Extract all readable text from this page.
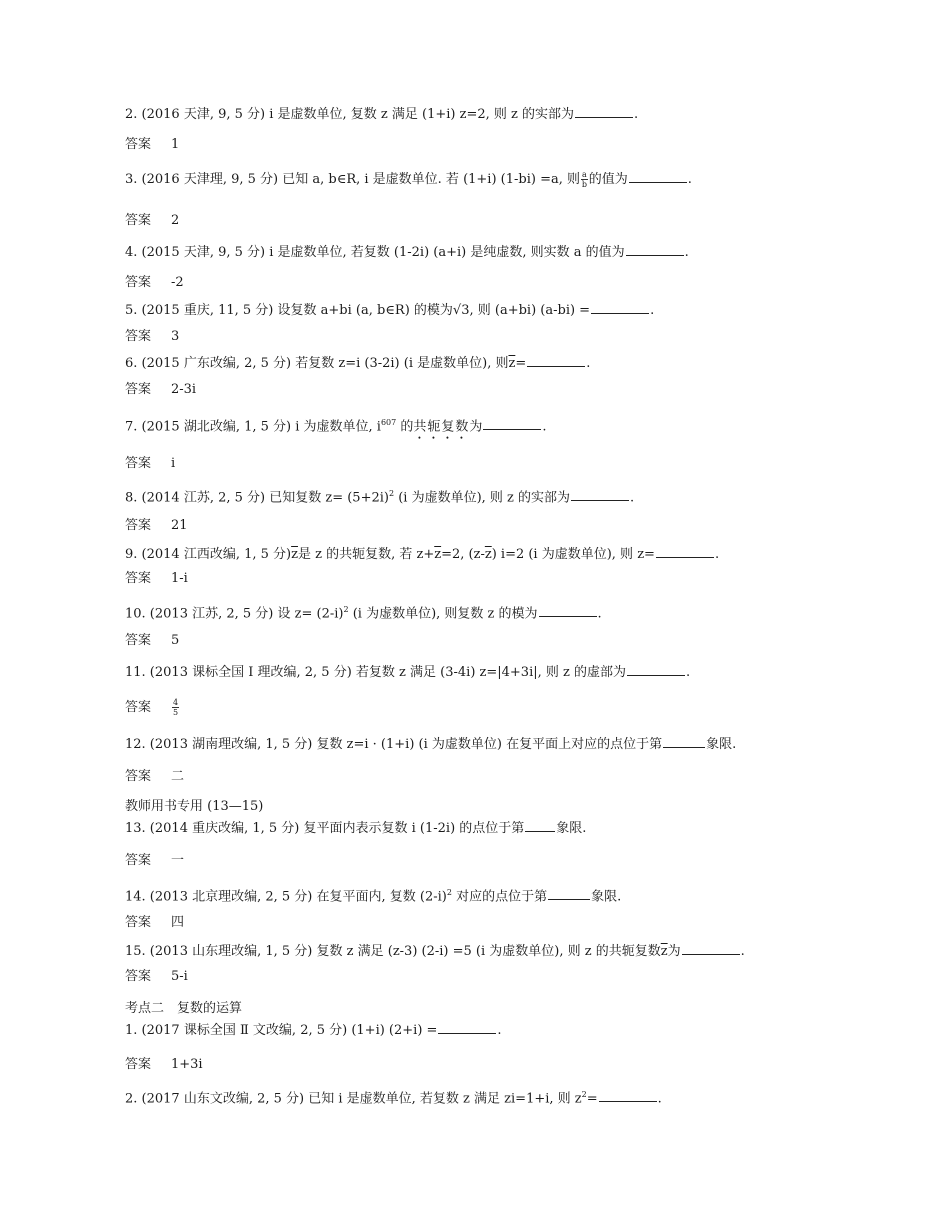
2. (2016 天津, 9, 5 分) i 是虚数单位, 复数 z 满足 (1+i) z=2, 则 z 的实部为	.
答案 1
3. (2016 天津理, 9, 5 分) 已知 a, b∈R, i 是虚数单位. 若 (1+i) (1-bi) =a, 则 $\frac{a}{b}$ 的值为	.
答案 2
4. (2015 天津, 9, 5 分) i 是虚数单位, 若复数 (1-2i) (a+i) 是纯虚数, 则实数 a 的值为	.
答案 -2
5. (2015 重庆, 11, 5 分) 设复数 a+bi (a, b∈R) 的模为√3, 则 (a+bi) (a-bi) =	.
答案 3
6. (2015 广东改编, 2, 5 分) 若复数 z=i (3-2i) (i 是虚数单位), 则$\overline{z}=$	.
答案 2-3i
7. (2015 湖北改编, 1, 5 分) i 为虚数单位, $i^{607}$ 的共轭复数为	.
答案 i
8. (2014 江苏, 2, 5 分) 已知复数 $z= (5+2i)^2$ (i 为虚数单位), 则 z 的实部为	.
答案 21
9. (2014 江西改编, 1, 5 分)$\overline{z}$是 z 的共轭复数, 若 $z+\overline{z}=2$, $(z-\overline{z})$ i=2 (i 为虚数单位), 则 z=	.
答案 1-i
10. (2013 江苏, 2, 5 分) 设 $z= (2-i)^2$ (i 为虚数单位), 则复数 z 的模为	.
答案 5
11. (2013 课标全国 Ⅰ 理改编, 2, 5 分) 若复数 z 满足 (3-4i) z=|4+3i|, 则 z 的虚部为	.
答案	$\frac{4}{5}$
12. (2013 湖南理改编, 1, 5 分) 复数 z=i · (1+i) (i 为虚数单位) 在复平面上对应的点位于第	象限.
答案 二
教师用书专用 (13—15)
13. (2014 重庆改编, 1, 5 分) 复平面内表示复数 i (1-2i) 的点位于第 象限.
答案 一
14. (2013 北京理改编, 2, 5 分) 在复平面内, 复数 $(2-i)^2$ 对应的点位于第	象限.
答案 四
15. (2013 山东理改编, 1, 5 分) 复数 z 满足 (z-3) (2-i) =5 (i 为虚数单位), 则 z 的共轭复数$\overline{z}$为	.
答案 5-i
考点二　复数的运算
1. (2017 课标全国 Ⅱ 文改编, 2, 5 分) (1+i) (2+i) =	.
答案 1+3i
2. (2017 山东文改编, 2, 5 分) 已知 i 是虚数单位, 若复数 z 满足 zi=1+i, 则 $z^2=$	.
